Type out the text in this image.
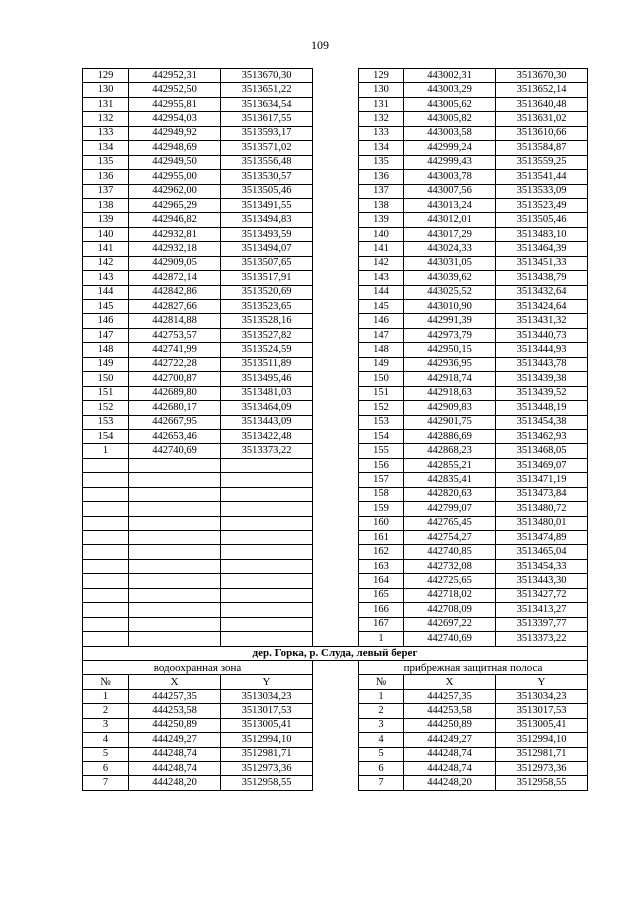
109
129	442952,31	3513670,30		129	443002,31	3513670,30
130	442952,50	3513651,22		130	443003,29	3513652,14
131	442955,81	3513634,54		131	443005,62	3513640,48
132	442954,03	3513617,55		132	443005,82	3513631,02
133	442949,92	3513593,17		133	443003,58	3513610,66
134	442948,69	3513571,02		134	442999,24	3513584,87
135	442949,50	3513556,48		135	442999,43	3513559,25
136	442955,00	3513530,57		136	443003,78	3513541,44
137	442962,00	3513505,46		137	443007,56	3513533,09
138	442965,29	3513491,55		138	443013,24	3513523,49
139	442946,82	3513494,83		139	443012,01	3513505,46
140	442932,81	3513493,59		140	443017,29	3513483,10
141	442932,18	3513494,07		141	443024,33	3513464,39
142	442909,05	3513507,65		142	443031,05	3513451,33
143	442872,14	3513517,91		143	443039,62	3513438,79
144	442842,86	3513520,69		144	443025,52	3513432,64
145	442827,66	3513523,65		145	443010,90	3513424,64
146	442814,88	3513528,16		146	442991,39	3513431,32
147	442753,57	3513527,82		147	442973,79	3513440,73
148	442741,99	3513524,59		148	442950,15	3513444,93
149	442722,28	3513511,89		149	442936,95	3513443,78
150	442700,87	3513495,46		150	442918,74	3513439,38
151	442689,80	3513481,03		151	442918,63	3513439,52
152	442680,17	3513464,09		152	442909,83	3513448,19
153	442667,95	3513443,09		153	442901,75	3513454,38
154	442653,46	3513422,48		154	442886,69	3513462,93
1	442740,69	3513373,22		155	442868,23	3513468,05
				156	442855,21	3513469,07
				157	442835,41	3513471,19
				158	442820,63	3513473,84
				159	442799,07	3513480,72
				160	442765,45	3513480,01
				161	442754,27	3513474,89
				162	442740,85	3513465,04
				163	442732,08	3513454,33
				164	442725,65	3513443,30
				165	442718,02	3513427,72
				166	442708,09	3513413,27
				167	442697,22	3513397,77
				1	442740,69	3513373,22
дер. Горка, р. Слуда, левый берег						
водоохранная зона				прибрежная защитная полоса		
№	X	Y		№	X	Y
1	444257,35	3513034,23		1	444257,35	3513034,23
2	444253,58	3513017,53		2	444253,58	3513017,53
3	444250,89	3513005,41		3	444250,89	3513005,41
4	444249,27	3512994,10		4	444249,27	3512994,10
5	444248,74	3512981,71		5	444248,74	3512981,71
6	444248,74	3512973,36		6	444248,74	3512973,36
7	444248,20	3512958,55		7	444248,20	3512958,55
